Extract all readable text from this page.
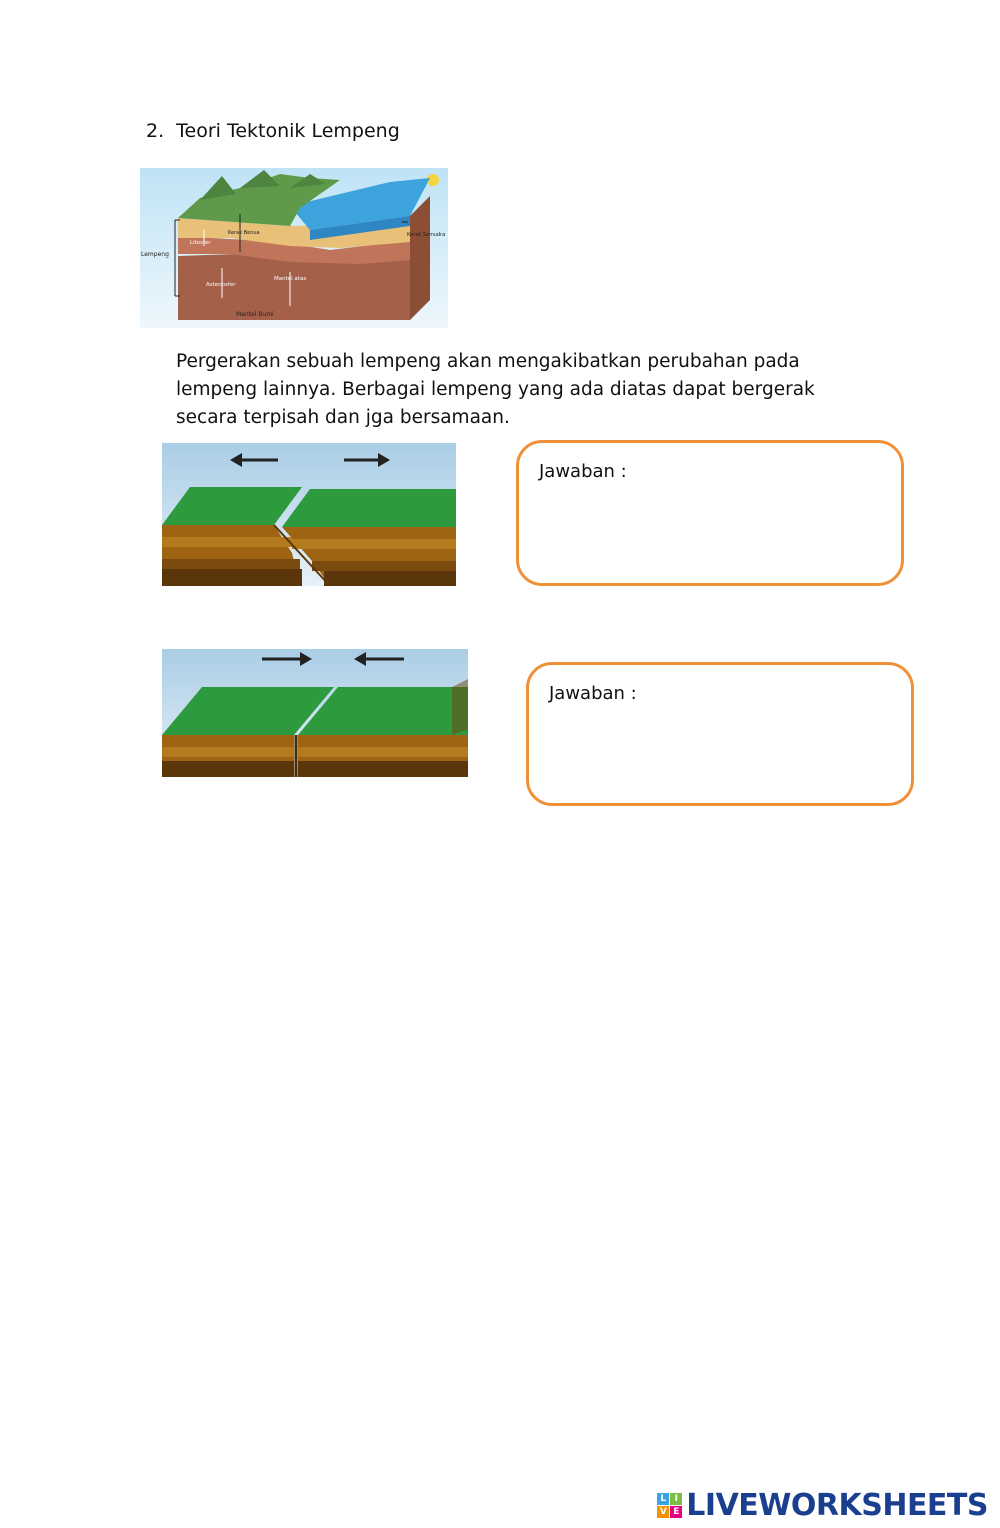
2. Teori Tektonik Lempeng
Lempeng
Litosfer
Kerak Benua	Kerak Samudra
Astenosfer
Mantel atas
Mantel Bumi
Pergerakan sebuah lempeng akan mengakibatkan perubahan pada lempeng lainnya. Berbagai lempeng yang ada diatas dapat bergerak secara terpisah dan jga bersamaan.
Jawaban :
Jawaban :
L I
V E LIVEWORKSHEETS
